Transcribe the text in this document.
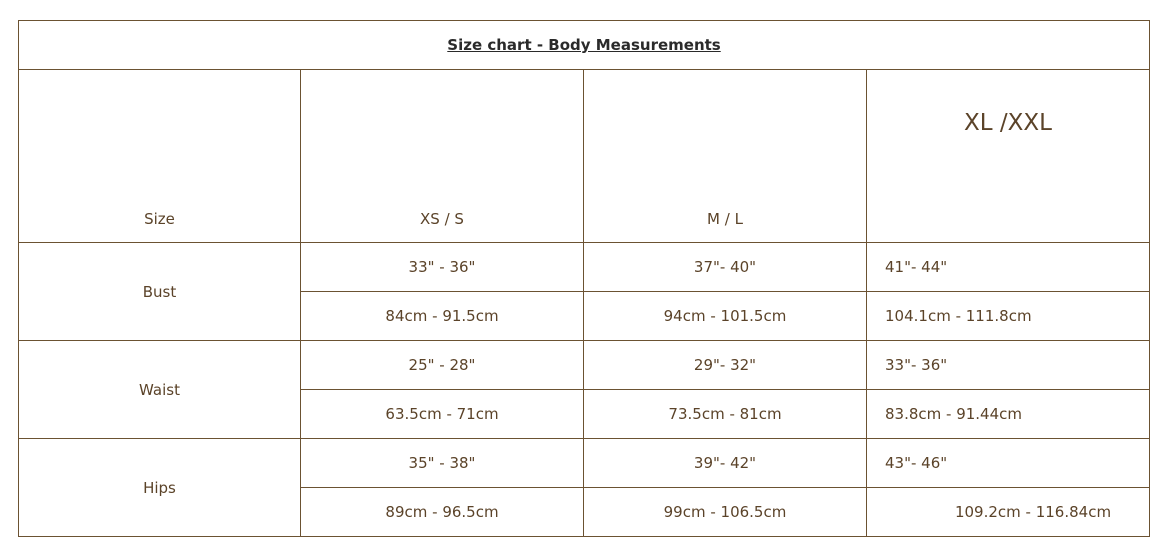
Size chart - Body Measurements			
Size	XS / S	M / L	XL /XXL
Bust	33" - 36"	37"- 40"	41"- 44"
	84cm - 91.5cm	94cm - 101.5cm	104.1cm - 111.8cm
Waist	25" - 28"	29"- 32"	33"- 36"
	63.5cm - 71cm	73.5cm - 81cm	83.8cm - 91.44cm
Hips	35" - 38"	39"- 42"	43"- 46"
	89cm - 96.5cm	99cm - 106.5cm	109.2cm - 116.84cm
